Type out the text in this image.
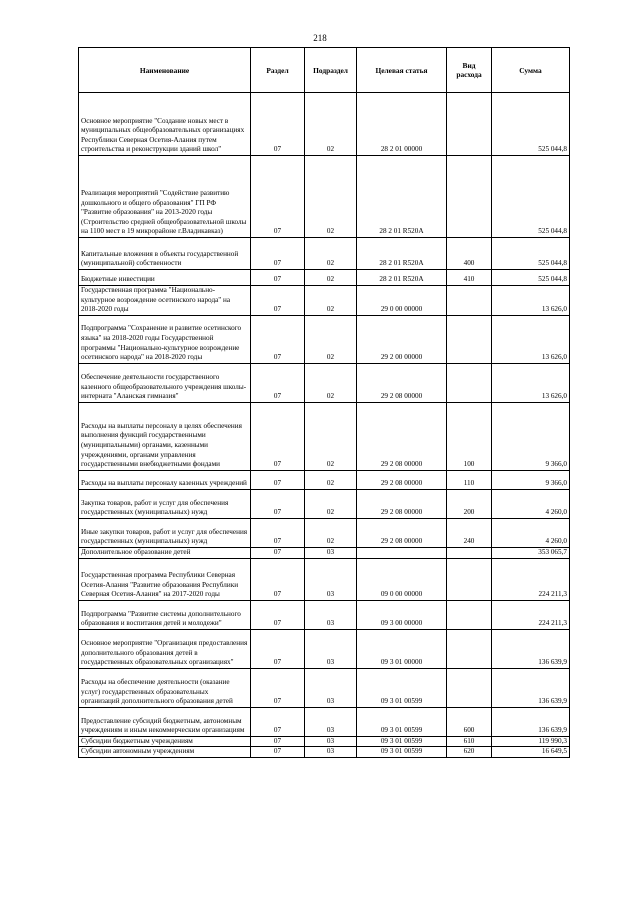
218
Наименование	Раздел	Подраздел	Целевая статья	Вид расхода	Сумма
Основное мероприятие "Создание новых мест в муниципальных общеобразовательных организациях Республики Северная Осетия-Алания путем строительства и реконструкции зданий школ"	07	02	28 2 01 00000		525 044,8
Реализация мероприятий "Содействие развитию дошкольного и общего образования" ГП РФ "Развитие образования" на 2013-2020 годы (Строительство средней общеобразовательной школы на 1100 мест в 19 микрорайоне г.Владикавказ)	07	02	28 2 01 R520A		525 044,8
Капитальные вложения в объекты государственной (муниципальной) собственности	07	02	28 2 01 R520A	400	525 044,8
Бюджетные инвестиции	07	02	28 2 01 R520A	410	525 044,8
Государственная программа "Национально-культурное возрождение осетинского народа" на 2018-2020 годы	07	02	29 0 00 00000		13 626,0
Подпрограмма "Сохранение и развитие осетинского языка" на 2018-2020 годы Государственной программы "Национально-культурное возрождение осетинского народа" на 2018-2020 годы	07	02	29 2 00 00000		13 626,0
Обеспечение деятельности государственного казенного общеобразовательного учреждения школы-интерната "Аланская гимназия"	07	02	29 2 08 00000		13 626,0
Расходы на выплаты персоналу в целях обеспечения выполнения функций государственными (муниципальными) органами, казенными учреждениями, органами управления государственными внебюджетными фондами	07	02	29 2 08 00000	100	9 366,0
Расходы на выплаты персоналу казенных учреждений	07	02	29 2 08 00000	110	9 366,0
Закупка товаров, работ и услуг для обеспечения государственных (муниципальных) нужд	07	02	29 2 08 00000	200	4 260,0
Иные закупки товаров, работ и услуг для обеспечения государственных (муниципальных) нужд	07	02	29 2 08 00000	240	4 260,0
Дополнительное образование детей	07	03			353 065,7
Государственная программа Республики Северная Осетия-Алания "Развитие образования Республики Северная Осетия-Алания" на 2017-2020 годы	07	03	09 0 00 00000		224 211,3
Подпрограмма "Развитие системы дополнительного образования и воспитания детей и молодежи"	07	03	09 3 00 00000		224 211,3
Основное мероприятие "Организация предоставления дополнительного образования детей в государственных образовательных организациях"	07	03	09 3 01 00000		136 639,9
Расходы на обеспечение деятельности (оказание услуг) государственных образовательных организаций дополнительного образования детей	07	03	09 3 01 00599		136 639,9
Предоставление субсидий бюджетным, автономным учреждениям и иным некоммерческим организациям	07	03	09 3 01 00599	600	136 639,9
Субсидии бюджетным учреждениям	07	03	09 3 01 00599	610	119 990,3
Субсидии автономным учреждениям	07	03	09 3 01 00599	620	16 649,5
